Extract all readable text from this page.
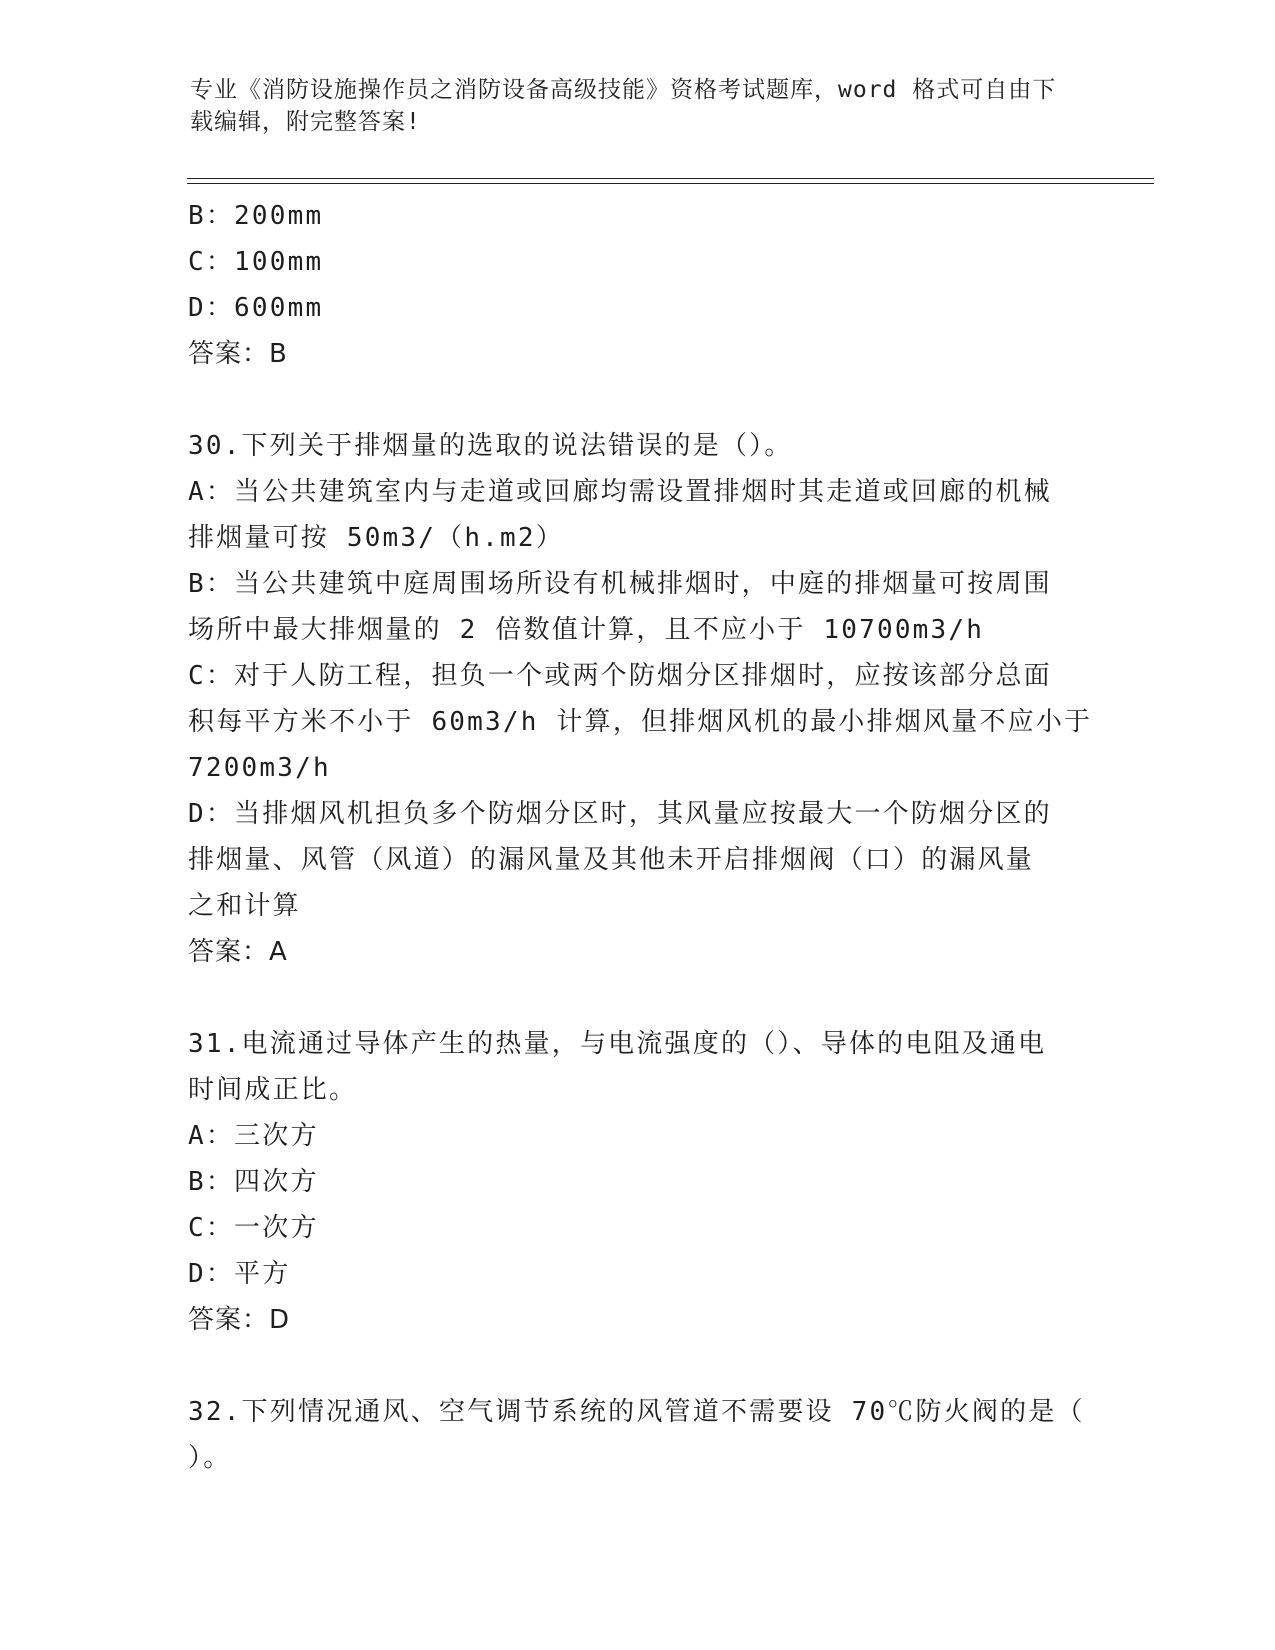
专业《消防设施操作员之消防设备高级技能》资格考试题库，word 格式可自由下
载编辑，附完整答案!
B：200mm
C：100mm
D：600mm
答案：B
30.下列关于排烟量的选取的说法错误的是（）。
A：当公共建筑室内与走道或回廊均需设置排烟时其走道或回廊的机械
排烟量可按 50m3/（h.m2）
B：当公共建筑中庭周围场所设有机械排烟时，中庭的排烟量可按周围
场所中最大排烟量的 2 倍数值计算，且不应小于 10700m3/h
C：对于人防工程，担负一个或两个防烟分区排烟时，应按该部分总面
积每平方米不小于 60m3/h 计算，但排烟风机的最小排烟风量不应小于
7200m3/h
D：当排烟风机担负多个防烟分区时，其风量应按最大一个防烟分区的
排烟量、风管（风道）的漏风量及其他未开启排烟阀（口）的漏风量
之和计算
答案：A
31.电流通过导体产生的热量，与电流强度的（）、导体的电阻及通电
时间成正比。
A：三次方
B：四次方
C：一次方
D：平方
答案：D
32.下列情况通风、空气调节系统的风管道不需要设 70℃防火阀的是（
）。
